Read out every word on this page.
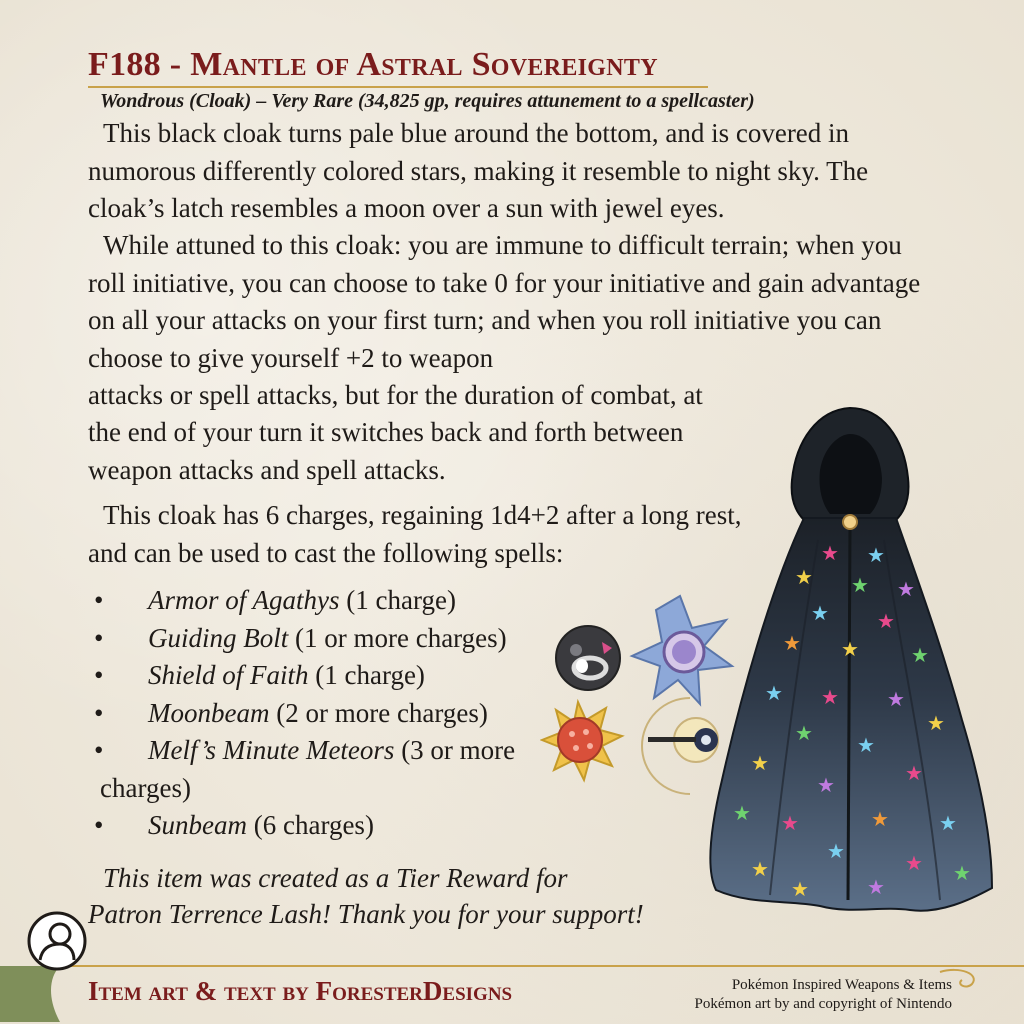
F188 - Mantle of Astral Sovereignty
Wondrous (Cloak) – Very Rare (34,825 gp, requires attunement to a spellcaster)

This black cloak turns pale blue around the bottom, and is covered in numorous differently colored stars, making it resemble to night sky. The cloak’s latch resembles a moon over a sun with jewel eyes.

While attuned to this cloak: you are immune to difficult terrain; when you roll initiative, you can choose to take 0 for your initiative and gain advantage on all your attacks on your first turn; and when you roll initiative you can choose to give yourself +2 to weapon

attacks or spell attacks, but for the duration of combat, at
the end of your turn it switches back and forth between
weapon attacks and spell attacks.

This cloak has 6 charges, regaining 1d4+2 after a long rest, and can be used to cast the following spells:

• Armor of Agathys (1 charge)
• Guiding Bolt (1 or more charges)
• Shield of Faith (1 charge)
• Moonbeam (2 or more charges)
• Melf’s Minute Meteors (3 or more
charges)
• Sunbeam (6 charges)
This item was created as a Tier Reward for
Patron Terrence Lash! Thank you for your support!
★ ★
★ ★ ★
★ ★
★ ★	★
★ ★ ★
★
★ ★
★	★
★
★ ★	★	★
★
★	★ ★
★	★
Item art & text by ForesterDesigns	Pokémon Inspired Weapons & Items
Pokémon art by and copyright of Nintendo
